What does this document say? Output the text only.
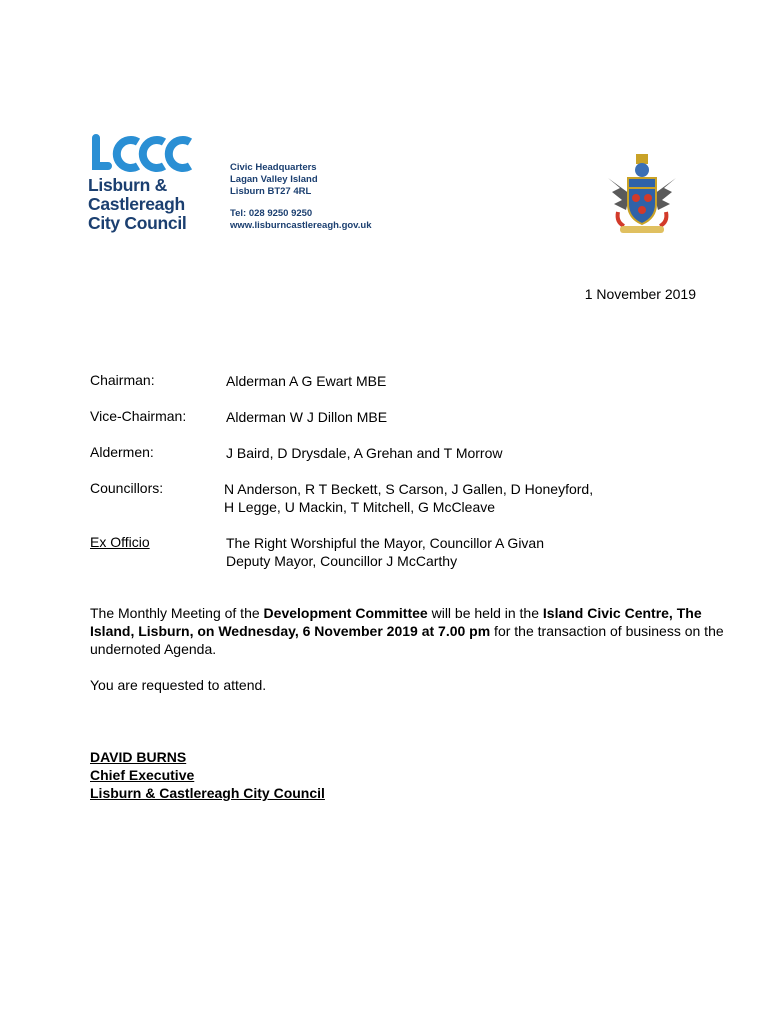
Lisburn &
Castlereagh
City Council
Civic Headquarters
Lagan Valley Island
Lisburn BT27 4RL
Tel: 028 9250 9250
www.lisburncastlereagh.gov.uk
1 November 2019
Chairman:	Alderman A G Ewart MBE
Vice-Chairman:	Alderman W J Dillon MBE
Aldermen:	J Baird, D Drysdale, A Grehan and T Morrow
Councillors:	N Anderson, R T Beckett, S Carson, J Gallen, D Honeyford,
H Legge, U Mackin, T Mitchell, G McCleave
Ex Officio	The Right Worshipful the Mayor, Councillor A Givan
Deputy Mayor, Councillor J McCarthy

The Monthly Meeting of the Development Committee will be held in the Island Civic Centre, The Island, Lisburn, on Wednesday, 6 November 2019 at 7.00 pm for the transaction of business on the undernoted Agenda.

You are requested to attend.
DAVID BURNS
Chief Executive
Lisburn & Castlereagh City Council
